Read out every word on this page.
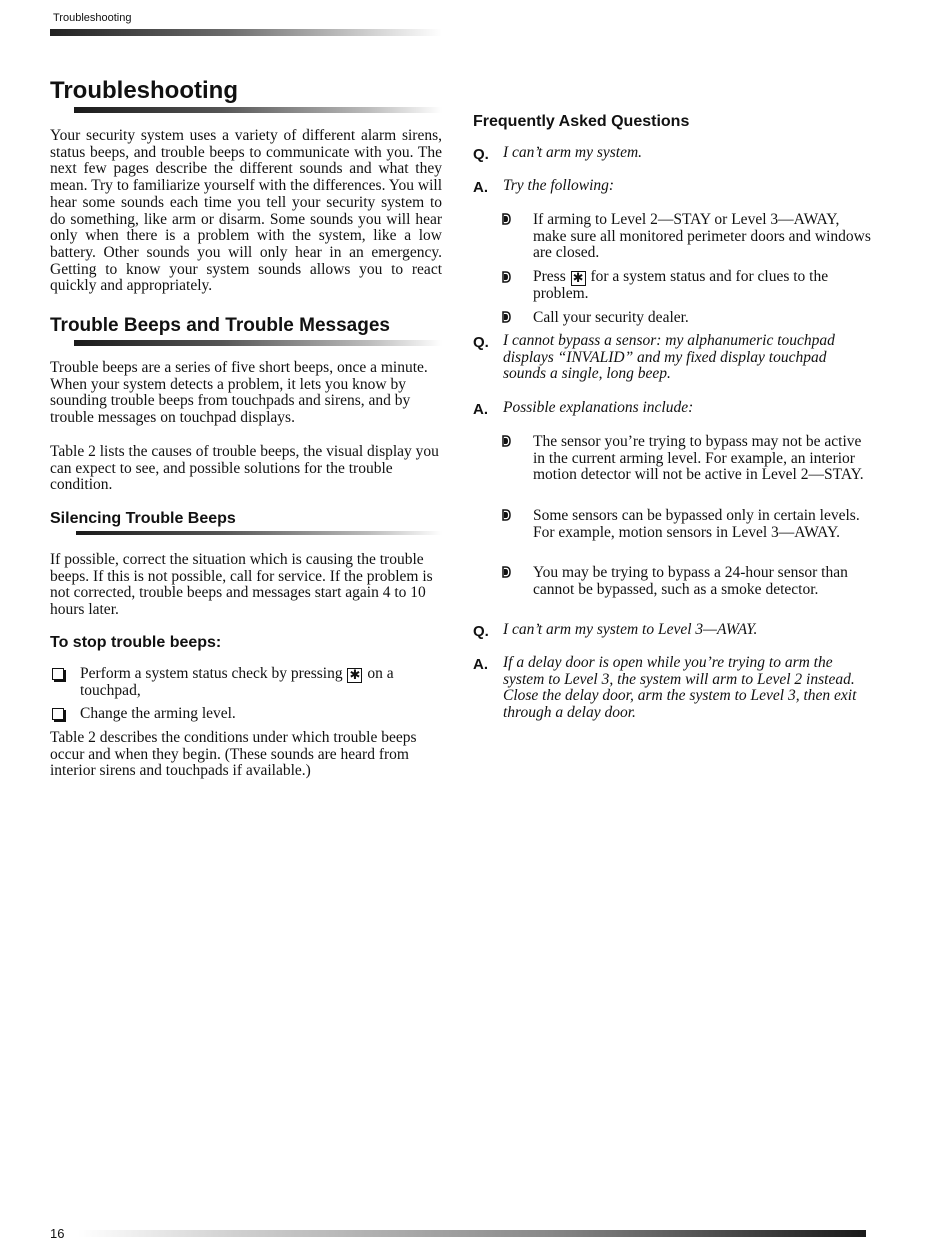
Troubleshooting
Troubleshooting
Your security system uses a variety of different alarm sirens, status beeps, and trouble beeps to communicate with you. The next few pages describe the different sounds and what they mean. Try to familiarize yourself with the differences. You will hear some sounds each time you tell your security system to do something, like arm or disarm. Some sounds you will hear only when there is a problem with the system, like a low battery. Other sounds you will only hear in an emergency. Getting to know your system sounds allows you to react quickly and appropriately.
Trouble Beeps and Trouble Messages
Trouble beeps are a series of five short beeps, once a minute. When your system detects a problem, it lets you know by sounding trouble beeps from touchpads and sirens, and by trouble messages on touchpad displays.
Table 2 lists the causes of trouble beeps, the visual display you can expect to see, and possible solutions for the trouble condition.
Silencing Trouble Beeps
If possible, correct the situation which is causing the trouble beeps. If this is not possible, call for service. If the problem is not corrected, trouble beeps and messages start again 4 to 10 hours later.
To stop trouble beeps:
Perform a system status check by pressing ✱ on a touchpad,
Change the arming level.
Table 2 describes the conditions under which trouble beeps occur and when they begin. (These sounds are heard from interior sirens and touchpads if available.)
Frequently Asked Questions
Q. I can’t arm my system.
A. Try the following:
If arming to Level 2—STAY or Level 3—AWAY, make sure all monitored perimeter doors and windows are closed.
Press ✱ for a system status and for clues to the problem.
Call your security dealer.
Q. I cannot bypass a sensor: my alphanumeric touchpad displays “INVALID” and my fixed display touchpad sounds a single, long beep.
A. Possible explanations include:
The sensor you’re trying to bypass may not be active in the current arming level. For example, an interior motion detector will not be active in Level 2—STAY.
Some sensors can be bypassed only in certain levels. For example, motion sensors in Level 3—AWAY.
You may be trying to bypass a 24-hour sensor than cannot be bypassed, such as a smoke detector.
Q. I can’t arm my system to Level 3—AWAY.
A. If a delay door is open while you’re trying to arm the system to Level 3, the system will arm to Level 2 instead. Close the delay door, arm the system to Level 3, then exit through a delay door.
16
